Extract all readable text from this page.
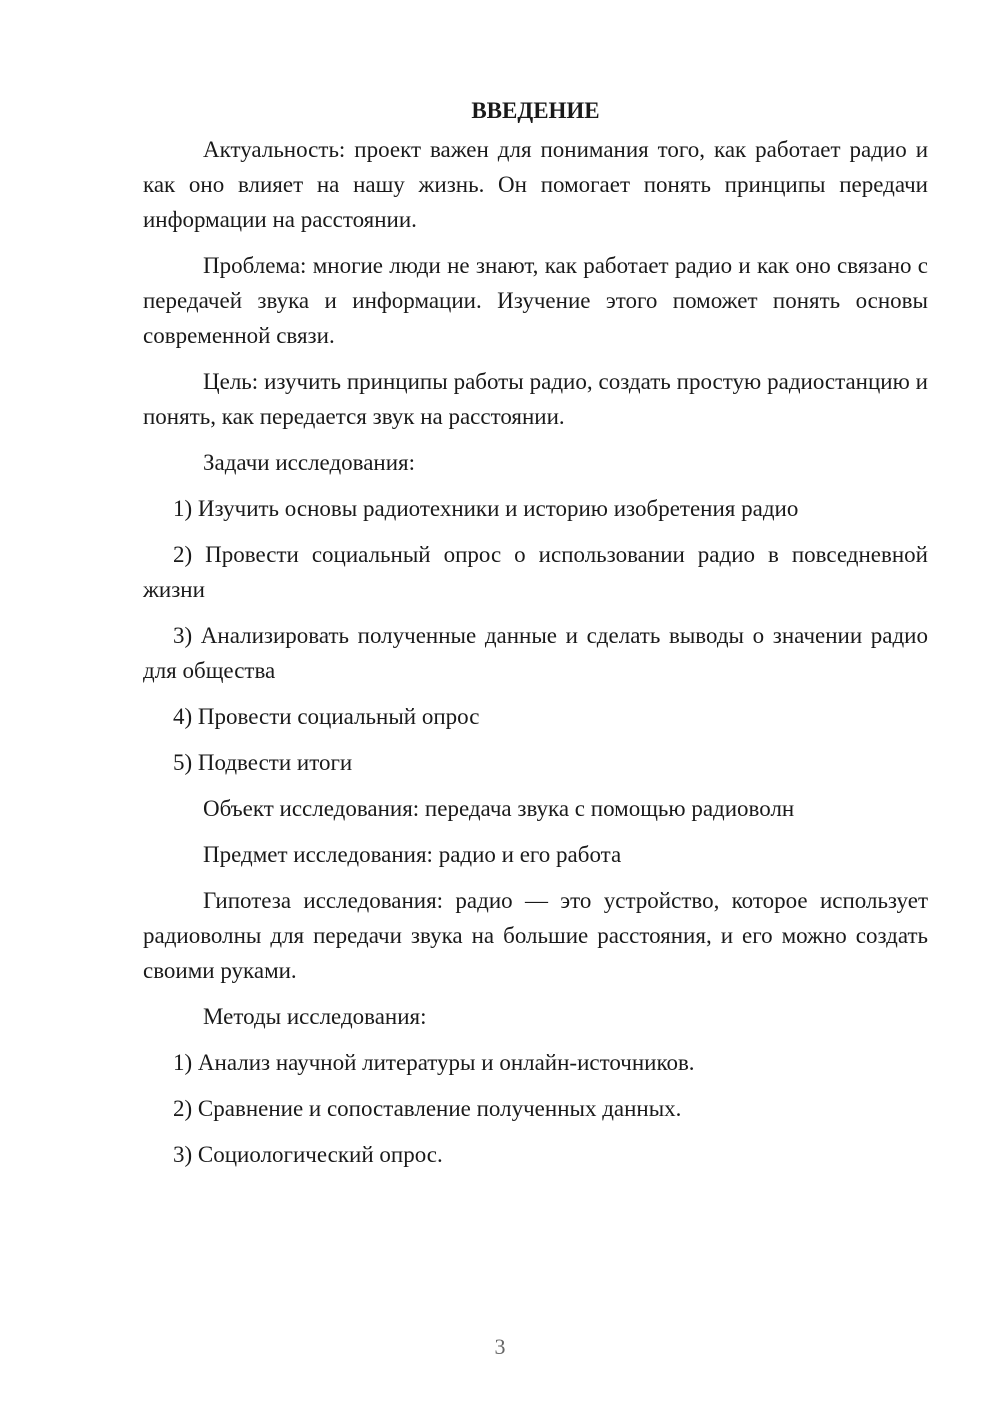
ВВЕДЕНИЕ

Актуальность: проект важен для понимания того, как работает радио и как оно влияет на нашу жизнь. Он помогает понять принципы передачи информации на расстоянии.

Проблема: многие люди не знают, как работает радио и как оно связано с передачей звука и информации. Изучение этого поможет понять основы современной связи.

Цель: изучить принципы работы радио, создать простую радиостанцию и понять, как передается звук на расстоянии.

Задачи исследования:

1) Изучить основы радиотехники и историю изобретения радио

2) Провести социальный опрос о использовании радио в повседневной жизни

3) Анализировать полученные данные и сделать выводы о значении радио для общества

4) Провести социальный опрос

5) Подвести итоги

Объект исследования: передача звука с помощью радиоволн

Предмет исследования: радио и его работа

Гипотеза исследования: радио — это устройство, которое использует радиоволны для передачи звука на большие расстояния, и его можно создать своими руками.

Методы исследования:

1) Анализ научной литературы и онлайн-источников.

2) Сравнение и сопоставление полученных данных.

3) Социологический опрос.

3
